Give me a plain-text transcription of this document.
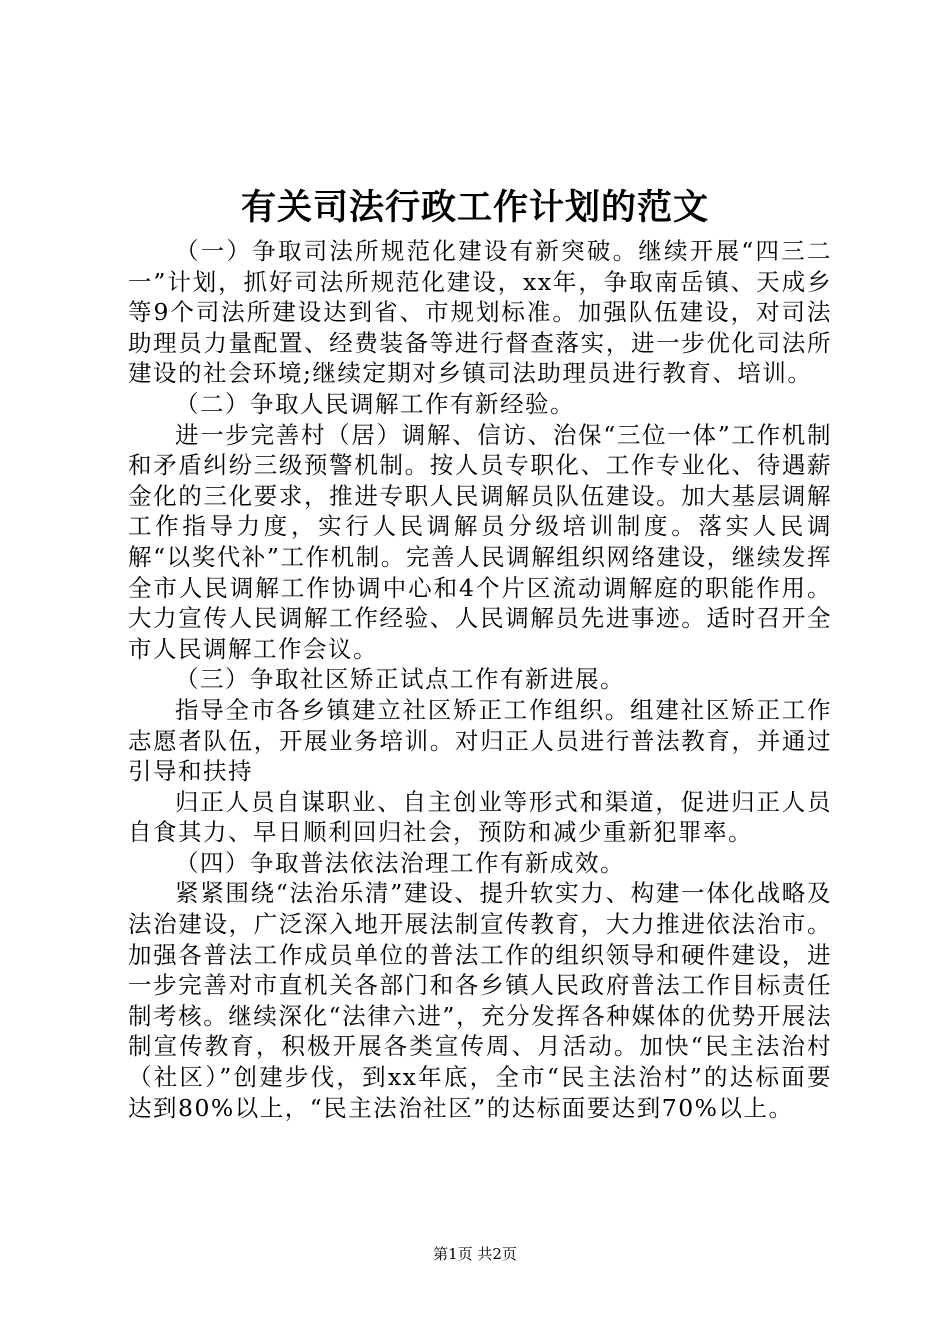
有关司法行政工作计划的范文

（一）争取司法所规范化建设有新突破。继续开展“四三二一”计划，抓好司法所规范化建设，xx年，争取南岳镇、天成乡等9个司法所建设达到省、市规划标准。加强队伍建设，对司法助理员力量配置、经费装备等进行督查落实，进一步优化司法所建设的社会环境;继续定期对乡镇司法助理员进行教育、培训。

（二）争取人民调解工作有新经验。

进一步完善村（居）调解、信访、治保“三位一体”工作机制和矛盾纠纷三级预警机制。按人员专职化、工作专业化、待遇薪金化的三化要求，推进专职人民调解员队伍建设。加大基层调解工作指导力度，实行人民调解员分级培训制度。落实人民调解“以奖代补”工作机制。完善人民调解组织网络建设，继续发挥全市人民调解工作协调中心和4个片区流动调解庭的职能作用。大力宣传人民调解工作经验、人民调解员先进事迹。适时召开全市人民调解工作会议。

（三）争取社区矫正试点工作有新进展。

指导全市各乡镇建立社区矫正工作组织。组建社区矫正工作志愿者队伍，开展业务培训。对归正人员进行普法教育，并通过引导和扶持

归正人员自谋职业、自主创业等形式和渠道，促进归正人员自食其力、早日顺利回归社会，预防和减少重新犯罪率。

（四）争取普法依法治理工作有新成效。

紧紧围绕“法治乐清”建设、提升软实力、构建一体化战略及法治建设，广泛深入地开展法制宣传教育，大力推进依法治市。加强各普法工作成员单位的普法工作的组织领导和硬件建设，进一步完善对市直机关各部门和各乡镇人民政府普法工作目标责任制考核。继续深化“法律六进”，充分发挥各种媒体的优势开展法制宣传教育，积极开展各类宣传周、月活动。加快“民主法治村（社区）”创建步伐，到xx年底，全市“民主法治村”的达标面要达到80%以上，“民主法治社区”的达标面要达到70%以上。

第1页 共2页
